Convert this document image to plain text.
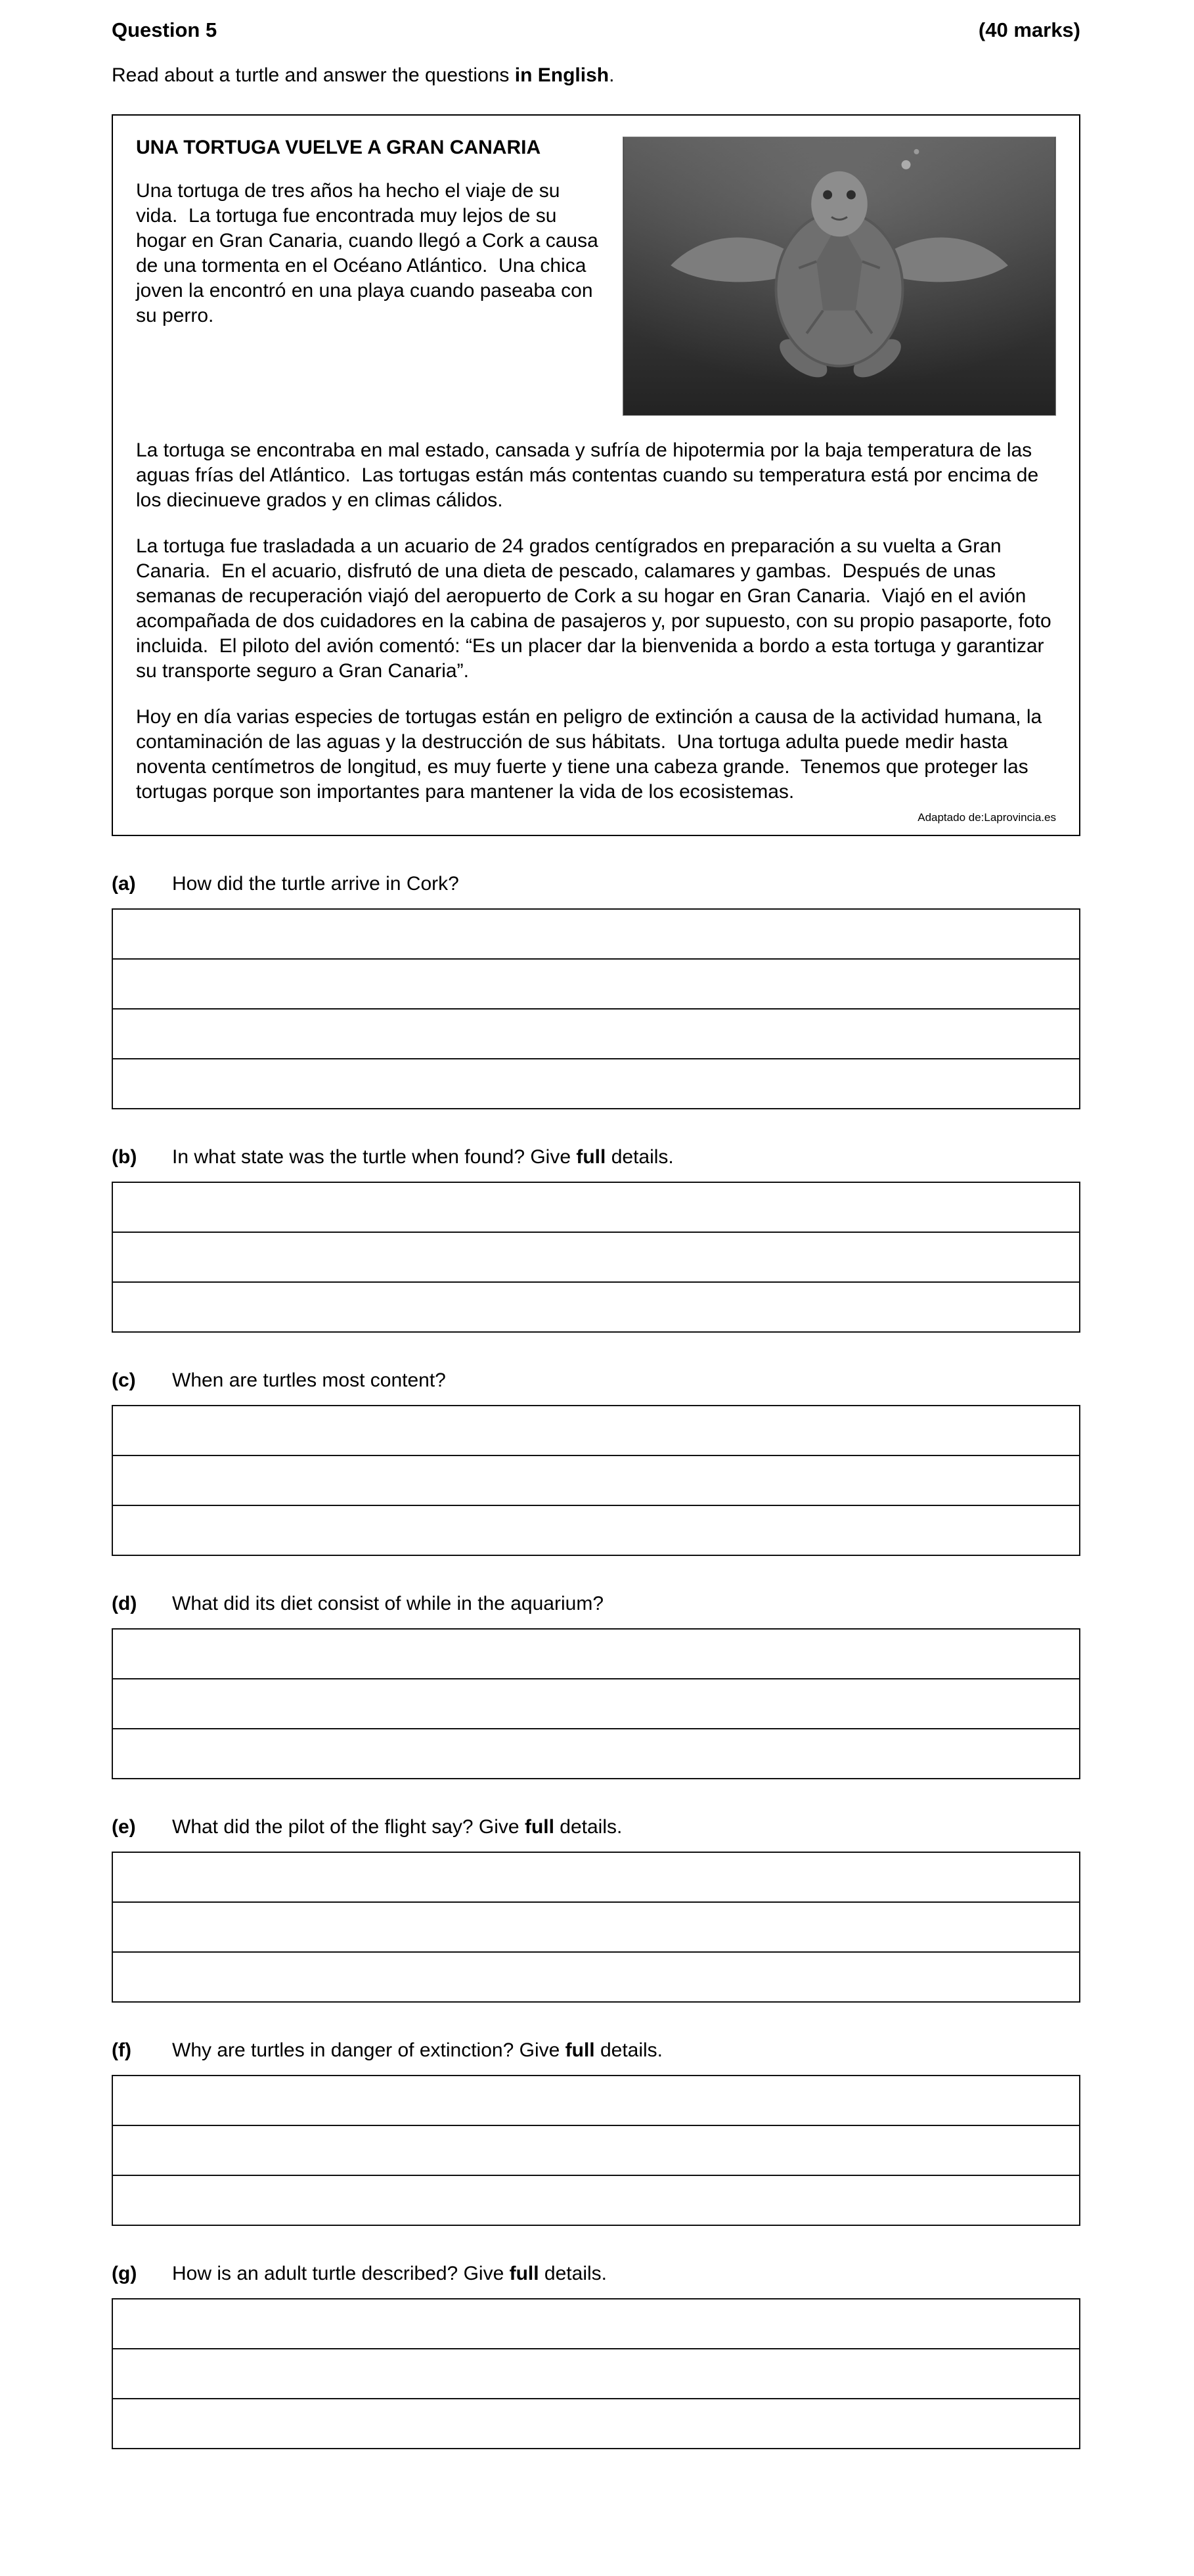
Question 5	(40 marks)
Read about a turtle and answer the questions in English.
UNA TORTUGA VUELVE A GRAN CANARIA

Una tortuga de tres años ha hecho el viaje de su vida.  La tortuga fue encontrada muy lejos de su hogar en Gran Canaria, cuando llegó a Cork a causa de una tormenta en el Océano Atlántico.  Una chica joven la encontró en una playa cuando paseaba con su perro.

La tortuga se encontraba en mal estado, cansada y sufría de hipotermia por la baja temperatura de las aguas frías del Atlántico.  Las tortugas están más contentas cuando su temperatura está por encima de los diecinueve grados y en climas cálidos.

La tortuga fue trasladada a un acuario de 24 grados centígrados en preparación a su vuelta a Gran Canaria.  En el acuario, disfrutó de una dieta de pescado, calamares y gambas.  Después de unas semanas de recuperación viajó del aeropuerto de Cork a su hogar en Gran Canaria.  Viajó en el avión acompañada de dos cuidadores en la cabina de pasajeros y, por supuesto, con su propio pasaporte, foto incluida.  El piloto del avión comentó: “Es un placer dar la bienvenida a bordo a esta tortuga y garantizar su transporte seguro a Gran Canaria”.

Hoy en día varias especies de tortugas están en peligro de extinción a causa de la actividad humana, la contaminación de las aguas y la destrucción de sus hábitats.  Una tortuga adulta puede medir hasta noventa centímetros de longitud, es muy fuerte y tiene una cabeza grande.  Tenemos que proteger las tortugas porque son importantes para mantener la vida de los ecosistemas.

Adaptado de:Laprovincia.es
(a)	How did the turtle arrive in Cork?
(b)	In what state was the turtle when found? Give full details.
(c)	When are turtles most content?
(d)	What did its diet consist of while in the aquarium?
(e)	What did the pilot of the flight say? Give full details.
(f)	Why are turtles in danger of extinction? Give full details.
(g)	How is an adult turtle described? Give full details.
